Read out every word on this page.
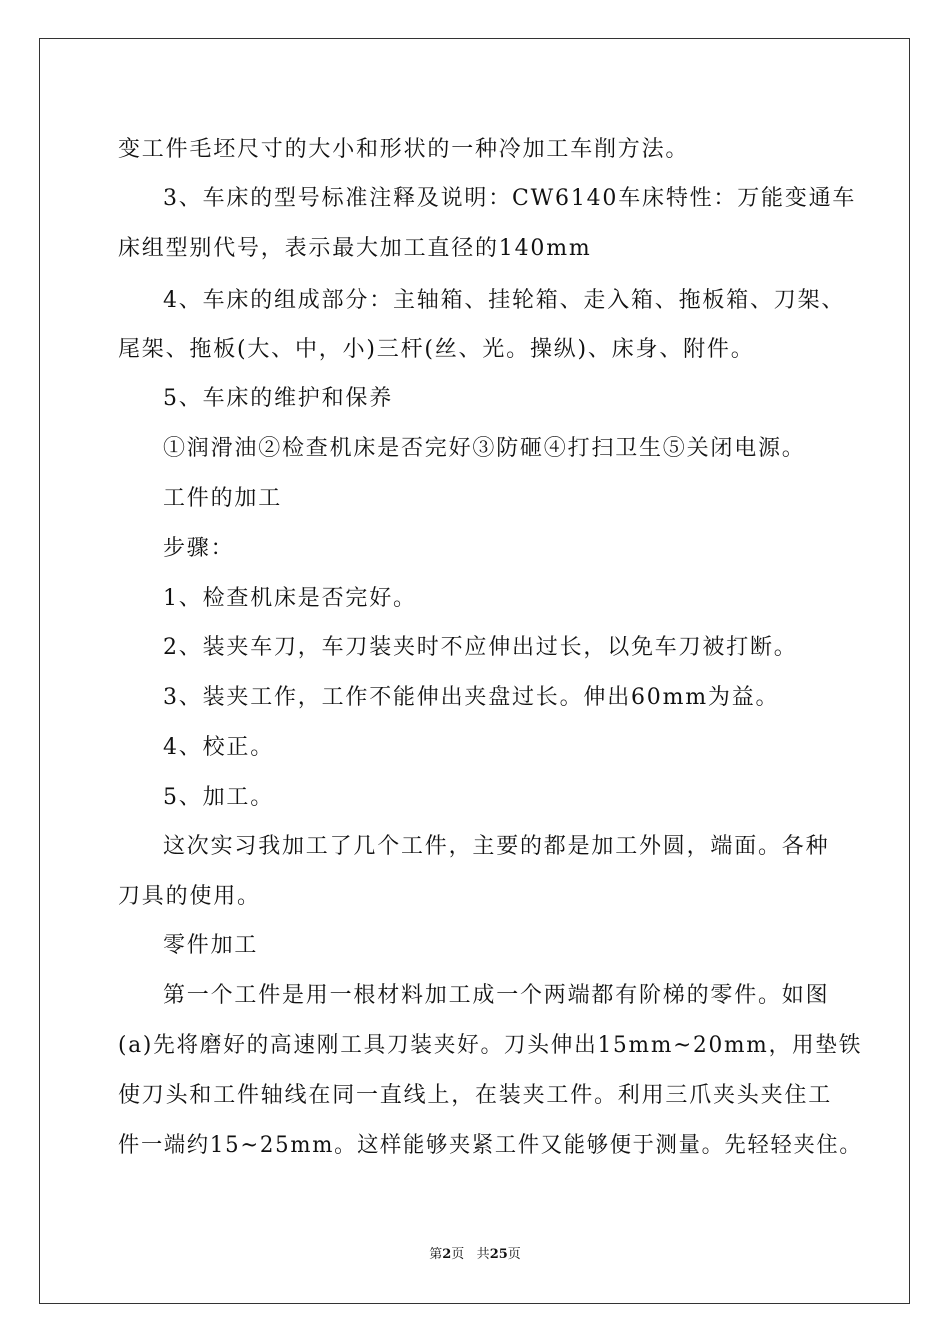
变工件毛坯尺寸的大小和形状的一种冷加工车削方法。
3、车床的型号标准注释及说明：CW6140车床特性：万能变通车
床组型别代号，表示最大加工直径的140mm
4、车床的组成部分：主轴箱、挂轮箱、走入箱、拖板箱、刀架、
尾架、拖板(大、中，小)三杆(丝、光。操纵)、床身、附件。
5、车床的维护和保养
①润滑油②检查机床是否完好③防砸④打扫卫生⑤关闭电源。
工件的加工
步骤：
1、检查机床是否完好。
2、装夹车刀，车刀装夹时不应伸出过长，以免车刀被打断。
3、装夹工作，工作不能伸出夹盘过长。伸出60mm为益。
4、校正。
5、加工。
这次实习我加工了几个工件，主要的都是加工外圆，端面。各种
刀具的使用。
零件加工
第一个工件是用一根材料加工成一个两端都有阶梯的零件。如图
(a)先将磨好的高速刚工具刀装夹好。刀头伸出15mm~20mm，用垫铁
使刀头和工件轴线在同一直线上，在装夹工件。利用三爪夹头夹住工
件一端约15~25mm。这样能够夹紧工件又能够便于测量。先轻轻夹住。
第2页 共25页
